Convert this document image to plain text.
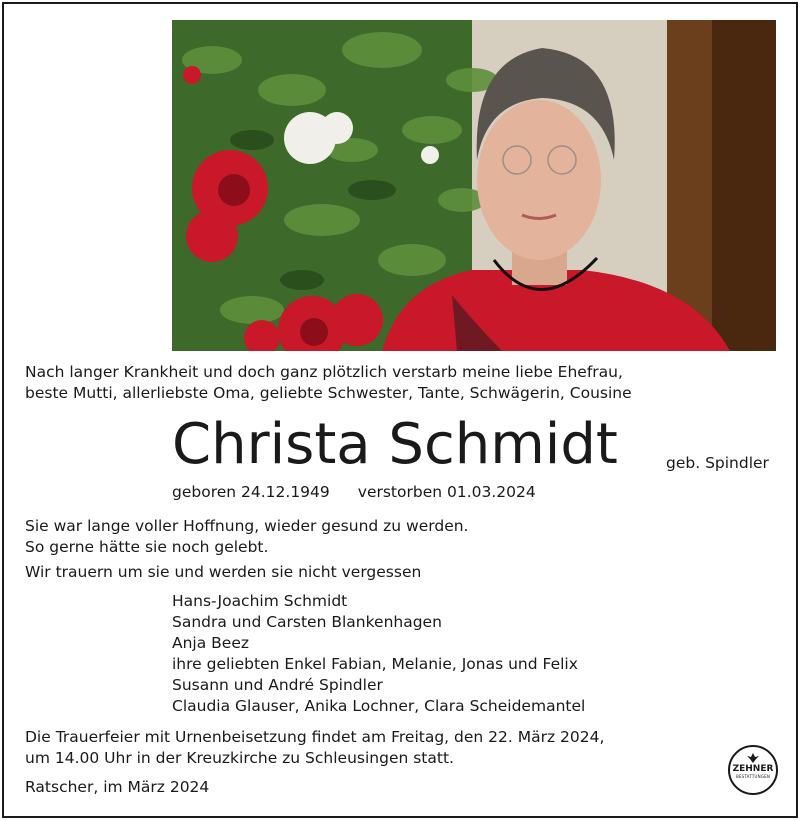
Nach langer Krankheit und doch ganz plötzlich verstarb meine liebe Ehefrau,
beste Mutti, allerliebste Oma, geliebte Schwester, Tante, Schwägerin, Cousine
Christa Schmidt	geb. Spindler
geboren 24.12.1949 verstorben 01.03.2024
Sie war lange voller Hoffnung, wieder gesund zu werden.
So gerne hätte sie noch gelebt.
Wir trauern um sie und werden sie nicht vergessen
Hans-Joachim Schmidt
Sandra und Carsten Blankenhagen
Anja Beez
ihre geliebten Enkel Fabian, Melanie, Jonas und Felix
Susann und André Spindler
Claudia Glauser, Anika Lochner, Clara Scheidemantel
Die Trauerfeier mit Urnenbeisetzung findet am Freitag, den 22. März 2024,
um 14.00 Uhr in der Kreuzkirche zu Schleusingen statt.
Ratscher, im März 2024
ZEHNER
BESTATTUNGEN
